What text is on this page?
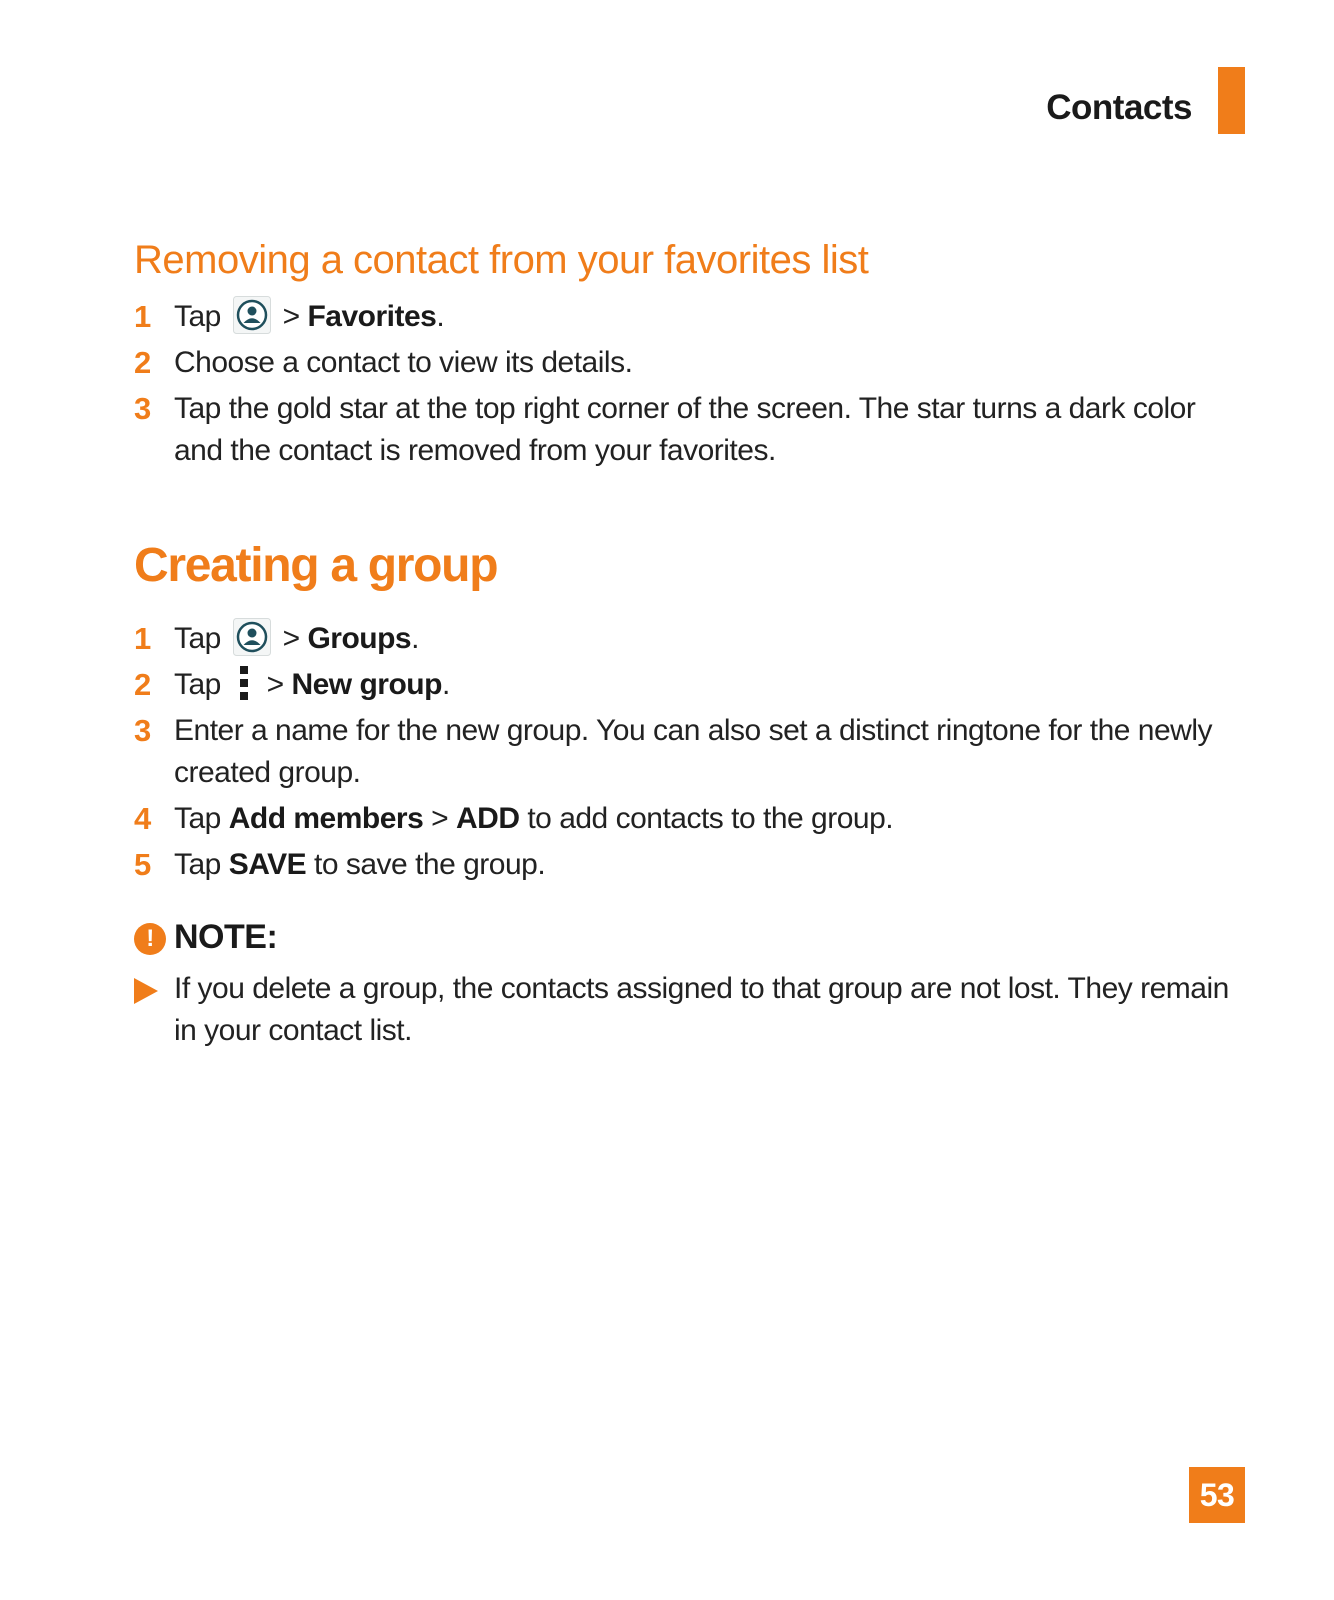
Contacts
Removing a contact from your favorites list
1 Tap > Favorites.
2 Choose a contact to view its details.
3 Tap the gold star at the top right corner of the screen. The star turns a dark color and the contact is removed from your favorites.
Creating a group
1 Tap > Groups.
2 Tap > New group.
3 Enter a name for the new group. You can also set a distinct ringtone for the newly created group.
4 Tap Add members > ADD to add contacts to the group.
5 Tap SAVE to save the group.
! NOTE:
If you delete a group, the contacts assigned to that group are not lost. They remain in your contact list.
53
